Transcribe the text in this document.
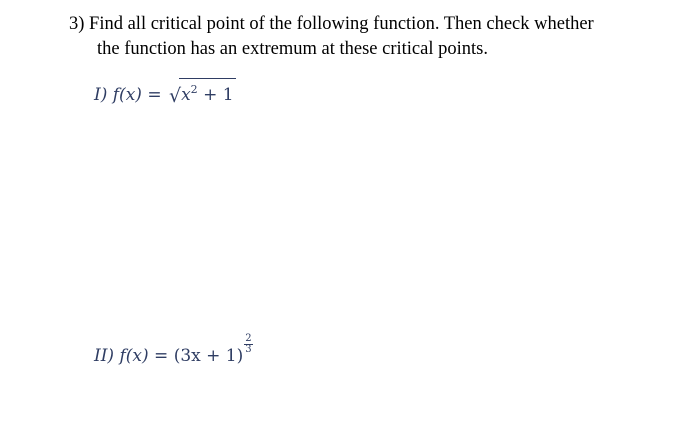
3) Find all critical point of the following function. Then check whether
the function has an extremum at these critical points.
I) $f(x) = √x^2 + 1$
II) f(x) = (3x + 1)
$\frac{2}{3}$
